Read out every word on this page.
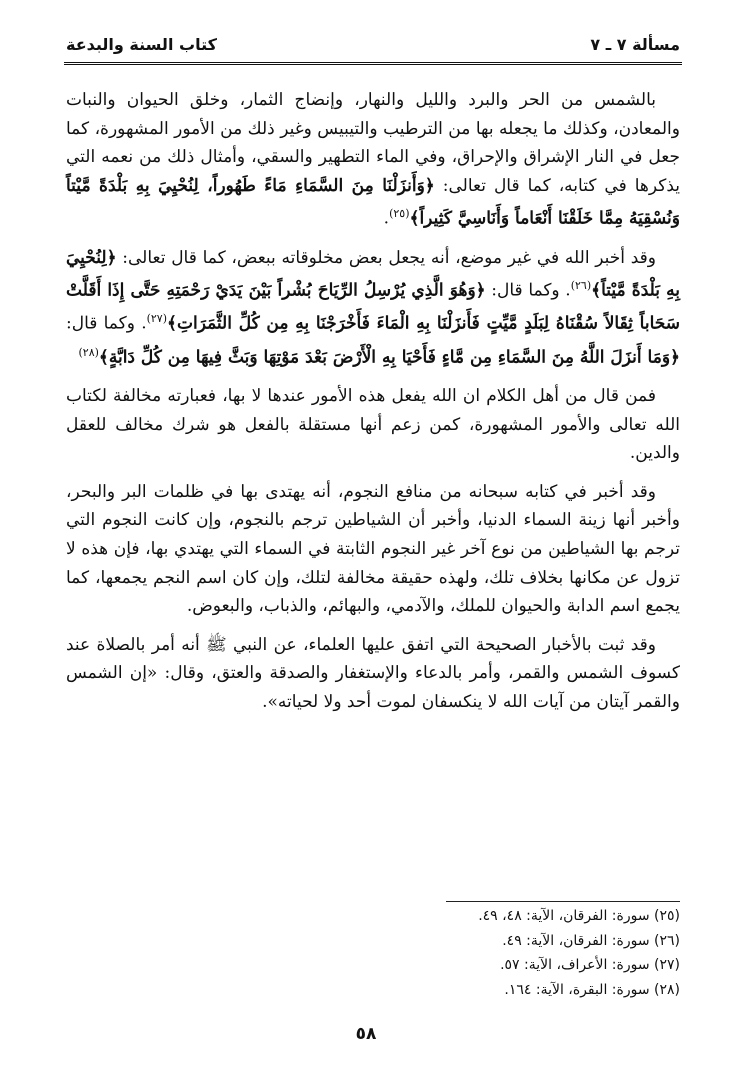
مسألة ٧ ـ ٧
كتاب السنة والبدعة

بالشمس من الحر والبرد والليل والنهار، وإنضاج الثمار، وخلق الحيوان والنبات والمعادن، وكذلك ما يجعله بها من الترطيب والتيبيس وغير ذلك من الأمور المشهورة، كما جعل في النار الإشراق والإحراق، وفي الماء التطهير والسقي، وأمثال ذلك من نعمه التي يذكرها في كتابه، كما قال تعالى: ﴿وَأَنزَلْنَا مِنَ السَّمَاءِ مَاءً طَهُوراً، لِنُحْيِيَ بِهِ بَلْدَةً مَّيْتاً وَنُسْقِيَهُ مِمَّا خَلَقْنَا أَنْعَاماً وَأَنَاسِيَّ كَثِيراً﴾$^{(٢٥)}$.

وقد أخبر الله في غير موضع، أنه يجعل بعض مخلوقاته ببعض، كما قال تعالى: ﴿لِنُحْيِيَ بِهِ بَلْدَةً مَّيْتاً﴾$^{(٢٦)}$. وكما قال: ﴿وَهُوَ الَّذِي يُرْسِلُ الرِّيَاحَ بُشْراً بَيْنَ يَدَيْ رَحْمَتِهِ حَتَّى إِذَا أَقَلَّتْ سَحَاباً ثِقَالاً سُقْنَاهُ لِبَلَدٍ مَّيِّتٍ فَأَنزَلْنَا بِهِ الْمَاءَ فَأَخْرَجْنَا بِهِ مِن كُلِّ الثَّمَرَاتِ﴾$^{(٢٧)}$. وكما قال: ﴿وَمَا أَنزَلَ اللَّهُ مِنَ السَّمَاءِ مِن مَّاءٍ فَأَحْيَا بِهِ الْأَرْضَ بَعْدَ مَوْتِهَا وَبَثَّ فِيهَا مِن كُلِّ دَابَّةٍ﴾$^{(٢٨)}$

فمن قال من أهل الكلام ان الله يفعل هذه الأمور عندها لا بها، فعبارته مخالفة لكتاب الله تعالى والأمور المشهورة، كمن زعم أنها مستقلة بالفعل هو شرك مخالف للعقل والدين.

وقد أخبر في كتابه سبحانه من منافع النجوم، أنه يهتدى بها في ظلمات البر والبحر، وأخبر أنها زينة السماء الدنيا، وأخبر أن الشياطين ترجم بالنجوم، وإن كانت النجوم التي ترجم بها الشياطين من نوع آخر غير النجوم الثابتة في السماء التي يهتدي بها، فإن هذه لا تزول عن مكانها بخلاف تلك، ولهذه حقيقة مخالفة لتلك، وإن كان اسم النجم يجمعها، كما يجمع اسم الدابة والحيوان للملك، والآدمي، والبهائم، والذباب، والبعوض.

وقد ثبت بالأخبار الصحيحة التي اتفق عليها العلماء، عن النبي ﷺ أنه أمر بالصلاة عند كسوف الشمس والقمر، وأمر بالدعاء والإستغفار والصدقة والعتق، وقال: «إن الشمس والقمر آيتان من آيات الله لا ينكسفان لموت أحد ولا لحياته».

(٢٥) سورة: الفرقان، الآية: ٤٨، ٤٩.
(٢٦) سورة: الفرقان، الآية: ٤٩.
(٢٧) سورة: الأعراف، الآية: ٥٧.
(٢٨) سورة: البقرة، الآية: ١٦٤.
٥٨
